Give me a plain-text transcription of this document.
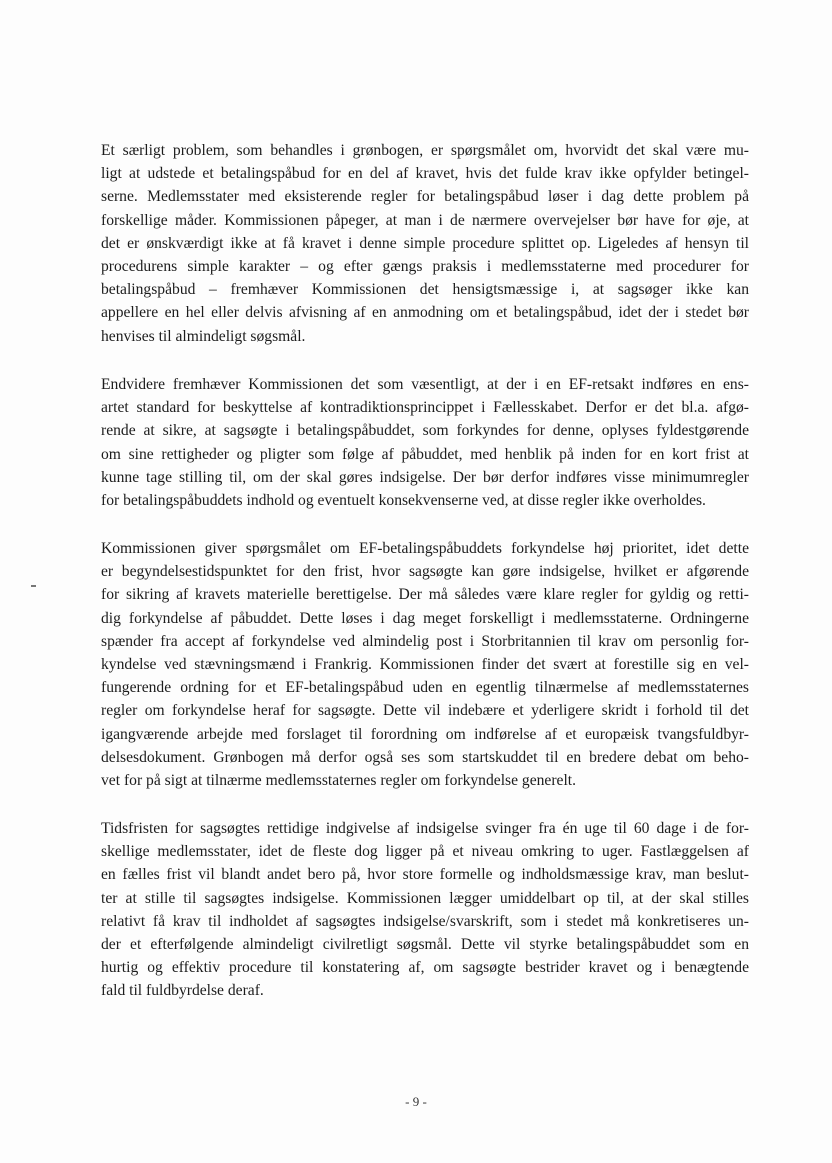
Et særligt problem, som behandles i grønbogen, er spørgsmålet om, hvorvidt det skal være mu-
ligt at udstede et betalingspåbud for en del af kravet, hvis det fulde krav ikke opfylder betingel-
serne. Medlemsstater med eksisterende regler for betalingspåbud løser i dag dette problem på
forskellige måder. Kommissionen påpeger, at man i de nærmere overvejelser bør have for øje, at
det er ønskværdigt ikke at få kravet i denne simple procedure splittet op. Ligeledes af hensyn til
procedurens simple karakter – og efter gængs praksis i medlemsstaterne med procedurer for
betalingspåbud – fremhæver Kommissionen det hensigtsmæssige i, at sagsøger ikke kan
appellere en hel eller delvis afvisning af en anmodning om et betalingspåbud, idet der i stedet bør
henvises til almindeligt søgsmål.
Endvidere fremhæver Kommissionen det som væsentligt, at der i en EF-retsakt indføres en ens-
artet standard for beskyttelse af kontradiktionsprincippet i Fællesskabet. Derfor er det bl.a. afgø-
rende at sikre, at sagsøgte i betalingspåbuddet, som forkyndes for denne, oplyses fyldestgørende
om sine rettigheder og pligter som følge af påbuddet, med henblik på inden for en kort frist at
kunne tage stilling til, om der skal gøres indsigelse. Der bør derfor indføres visse minimumregler
for betalingspåbuddets indhold og eventuelt konsekvenserne ved, at disse regler ikke overholdes.
Kommissionen giver spørgsmålet om EF-betalingspåbuddets forkyndelse høj prioritet, idet dette
er begyndelsestidspunktet for den frist, hvor sagsøgte kan gøre indsigelse, hvilket er afgørende
for sikring af kravets materielle berettigelse. Der må således være klare regler for gyldig og retti-
dig forkyndelse af påbuddet. Dette løses i dag meget forskelligt i medlemsstaterne. Ordningerne
spænder fra accept af forkyndelse ved almindelig post i Storbritannien til krav om personlig for-
kyndelse ved stævningsmænd i Frankrig. Kommissionen finder det svært at forestille sig en vel-
fungerende ordning for et EF-betalingspåbud uden en egentlig tilnærmelse af medlemsstaternes
regler om forkyndelse heraf for sagsøgte. Dette vil indebære et yderligere skridt i forhold til det
igangværende arbejde med forslaget til forordning om indførelse af et europæisk tvangsfuldbyr-
delsesdokument. Grønbogen må derfor også ses som startskuddet til en bredere debat om beho-
vet for på sigt at tilnærme medlemsstaternes regler om forkyndelse generelt.
Tidsfristen for sagsøgtes rettidige indgivelse af indsigelse svinger fra én uge til 60 dage i de for-
skellige medlemsstater, idet de fleste dog ligger på et niveau omkring to uger. Fastlæggelsen af
en fælles frist vil blandt andet bero på, hvor store formelle og indholdsmæssige krav, man beslut-
ter at stille til sagsøgtes indsigelse. Kommissionen lægger umiddelbart op til, at der skal stilles
relativt få krav til indholdet af sagsøgtes indsigelse/svarskrift, som i stedet må konkretiseres un-
der et efterfølgende almindeligt civilretligt søgsmål. Dette vil styrke betalingspåbuddet som en
hurtig og effektiv procedure til konstatering af, om sagsøgte bestrider kravet og i benægtende
fald til fuldbyrdelse deraf.
- 9 -
